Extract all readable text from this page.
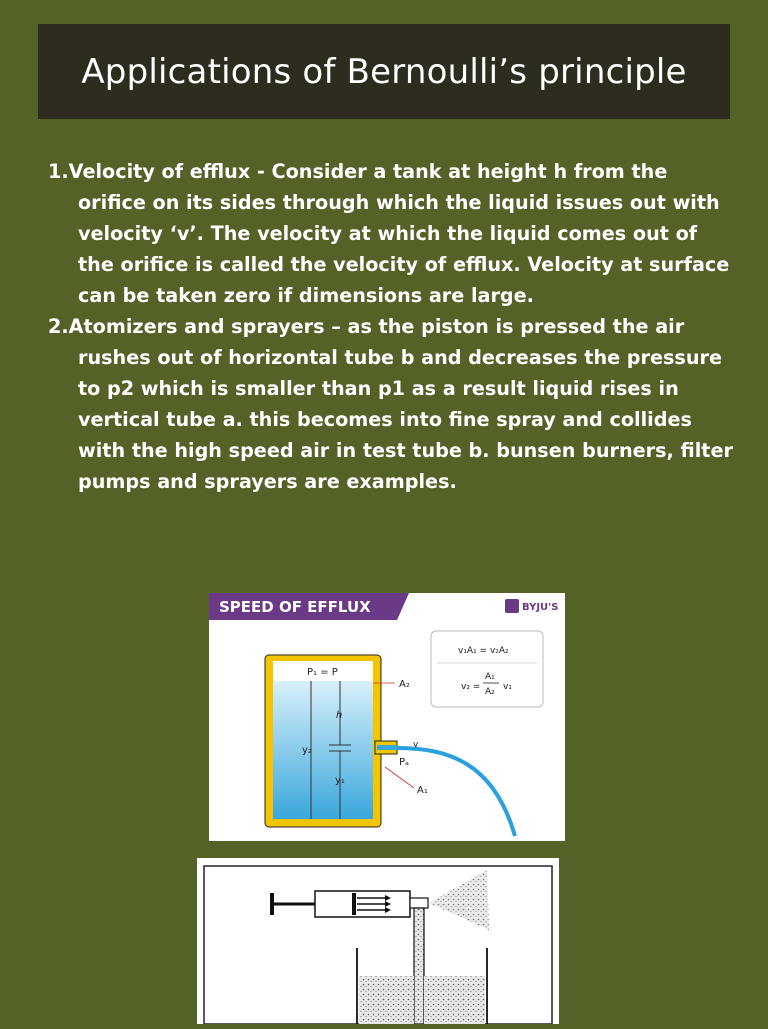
Applications of Bernoulli’s principle

1.Velocity of efflux - Consider a tank at height h from the orifice on its sides through which the liquid issues out with velocity ‘v’. The velocity at which the liquid comes out of the orifice is called the velocity of efflux. Velocity at surface can be taken zero if dimensions are large.

2.Atomizers and sprayers – as the piston is pressed the air rushes out of horizontal tube b and decreases the pressure to p2 which is smaller than p1 as a result liquid rises in vertical tube a. this becomes into fine spray and collides with the high speed air in test tube b. bunsen burners, filter pumps and sprayers are examples.

SPEED OF EFFLUX	BYJU'S
P₁ = P
A₂
h
y₂
y₁
Pₐ
A₁
v
v₁A₁ = v₂A₂
v₂ =
A₁
A₂ v₁
